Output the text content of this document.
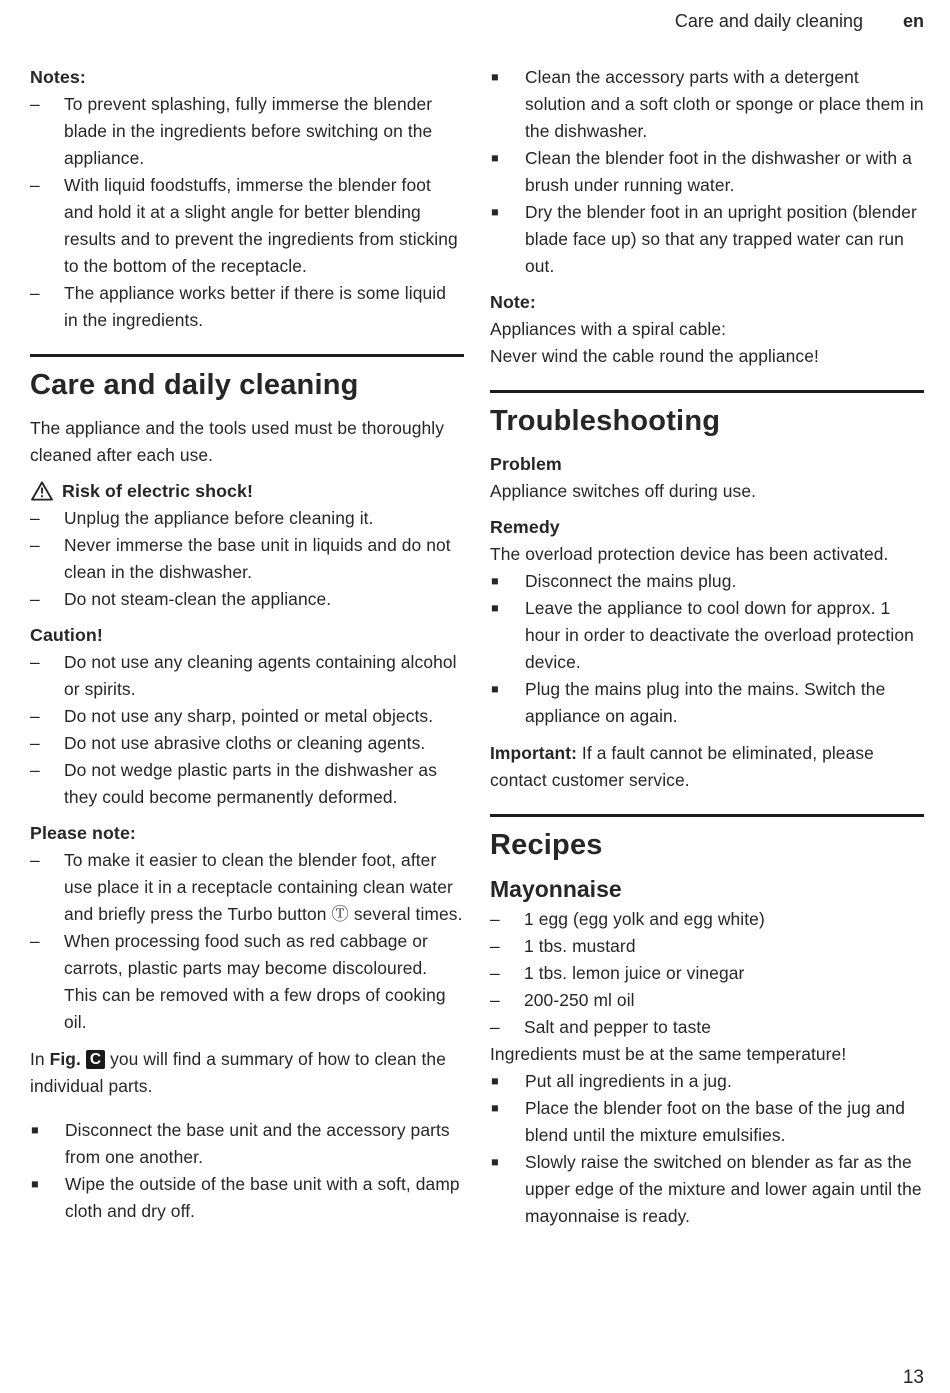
Care and daily cleaning en

Notes:

–	To prevent splashing, fully immerse the blender blade in the ingredients before switching on the appliance.
–	With liquid foodstuffs, immerse the blender foot and hold it at a slight angle for better blending results and to prevent the ingredients from sticking to the bottom of the receptacle.
–	The appliance works better if there is some liquid in the ingredients.
Care and daily cleaning

The appliance and the tools used must be thoroughly cleaned after each use.

Risk of electric shock!

–	Unplug the appliance before cleaning it.
–	Never immerse the base unit in liquids and do not clean in the dishwasher.
–	Do not steam-clean the appliance.

Caution!

–	Do not use any cleaning agents containing alcohol or spirits.
–	Do not use any sharp, pointed or metal objects.
–	Do not use abrasive cloths or cleaning agents.
–	Do not wedge plastic parts in the dishwasher as they could become permanently deformed.

Please note:

–	To make it easier to clean the blender foot, after use place it in a receptacle containing clean water and briefly press the Turbo button Ⓣ several times.
–	When processing food such as red cabbage or carrots, plastic parts may become discoloured. This can be removed with a few drops of cooking oil.

In Fig. C you will find a summary of how to clean the individual parts.

■	Disconnect the base unit and the accessory parts from one another.
■	Wipe the outside of the base unit with a soft, damp cloth and dry off.
■	Clean the accessory parts with a detergent solution and a soft cloth or sponge or place them in the dishwasher.
■	Clean the blender foot in the dishwasher or with a brush under running water.
■	Dry the blender foot in an upright position (blender blade face up) so that any trapped water can run out.

Note:

Appliances with a spiral cable:

Never wind the cable round the appliance!

Troubleshooting

Problem

Appliance switches off during use.

Remedy

The overload protection device has been activated.

■	Disconnect the mains plug.
■	Leave the appliance to cool down for approx. 1 hour in order to deactivate the overload protection device.
■	Plug the mains plug into the mains. Switch the appliance on again.

Important: If a fault cannot be eliminated, please contact customer service.

Recipes
Mayonnaise
–	1 egg (egg yolk and egg white)
–	1 tbs. mustard
–	1 tbs. lemon juice or vinegar
–	200-250 ml oil
–	Salt and pepper to taste

Ingredients must be at the same temperature!

■	Put all ingredients in a jug.
■	Place the blender foot on the base of the jug and blend until the mixture emulsifies.
■	Slowly raise the switched on blender as far as the upper edge of the mixture and lower again until the mayonnaise is ready.
13
